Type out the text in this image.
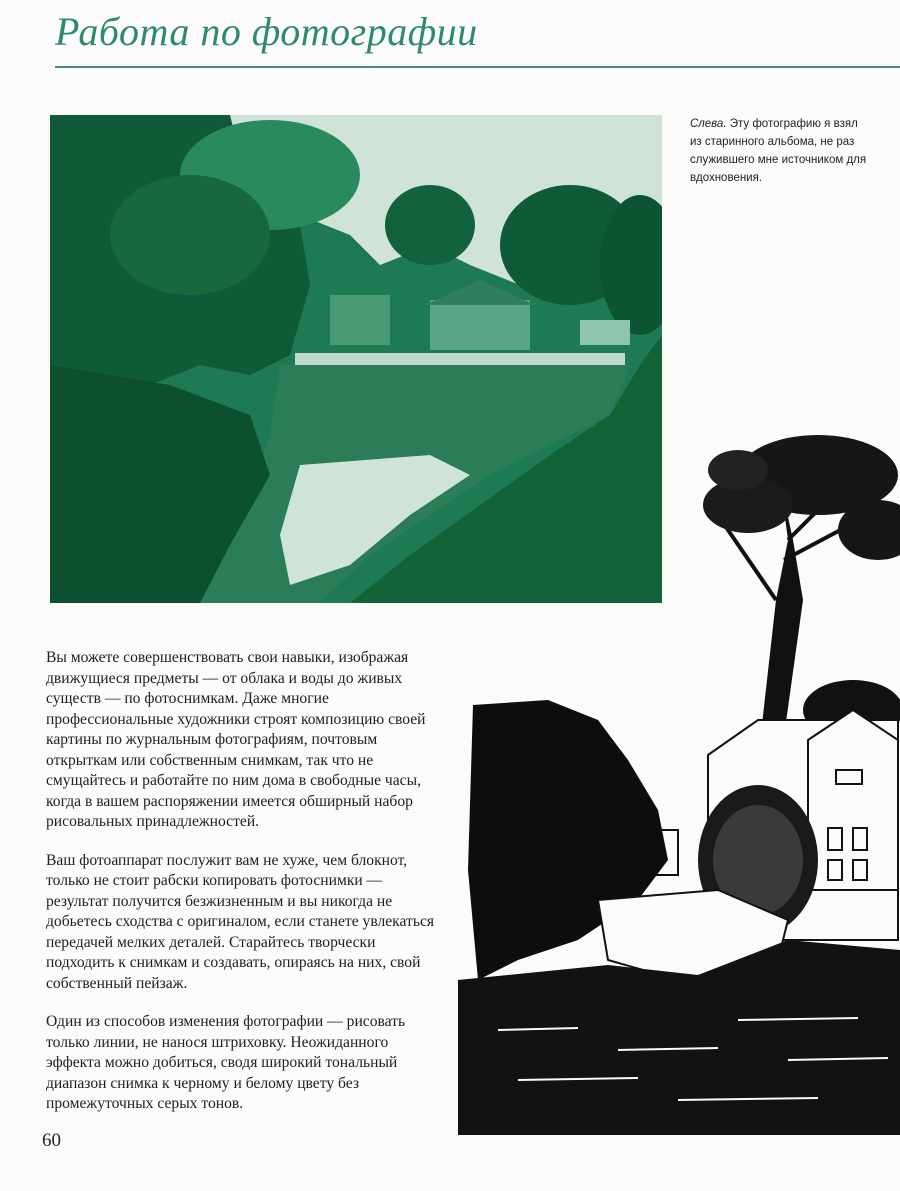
Работа по фотографии
Слева. Эту фотографию я взял из старинного альбома, не раз служившего мне источником для вдохновения.

Вы можете совершенствовать свои навыки, изображая движущиеся предметы — от облака и воды до живых существ — по фотоснимкам. Даже многие профессиональные художники строят композицию своей картины по журнальным фотографиям, почтовым открыткам или собственным снимкам, так что не смущайтесь и работайте по ним дома в свободные часы, когда в вашем распоряжении имеется обширный набор рисовальных принадлежностей.

Ваш фотоаппарат послужит вам не хуже, чем блокнот, только не стоит рабски копировать фотоснимки — результат получится безжизненным и вы никогда не добьетесь сходства с оригиналом, если станете увлекаться передачей мелких деталей. Старайтесь творчески подходить к снимкам и создавать, опираясь на них, свой собственный пейзаж.

Один из способов изменения фотографии — рисовать только линии, не нанося штриховку. Неожиданного эффекта можно добиться, сводя широкий тональный диапазон снимка к черному и белому цвету без промежуточных серых тонов.

60
